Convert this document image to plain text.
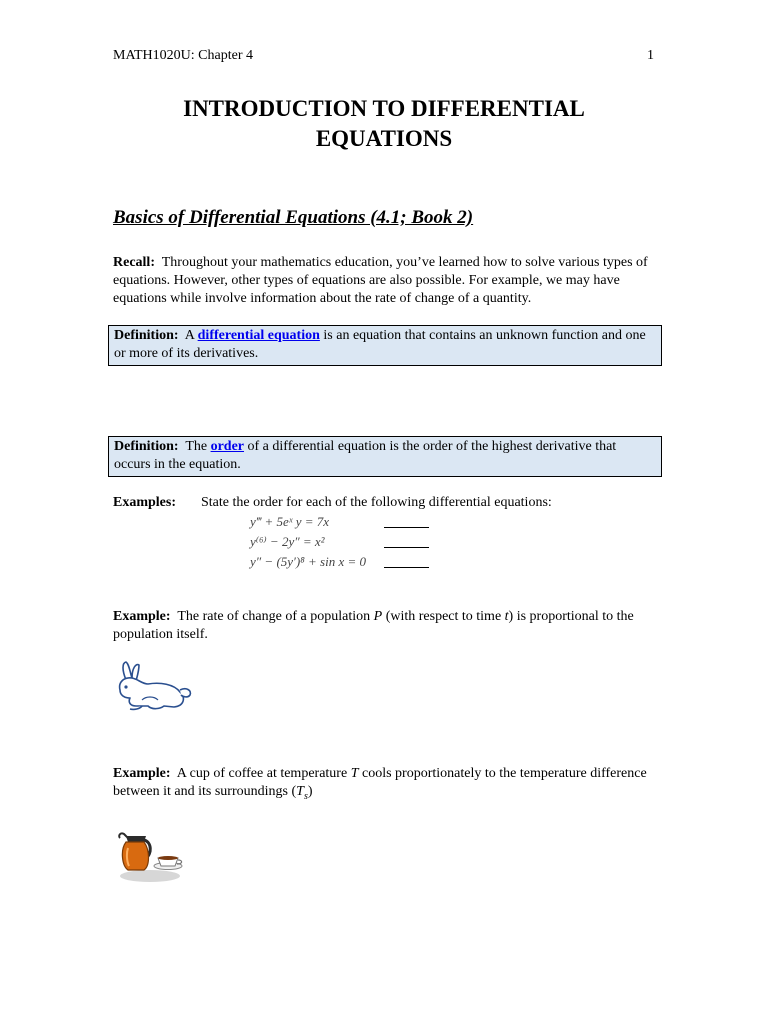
MATH1020U: Chapter 4	1
INTRODUCTION TO DIFFERENTIAL
EQUATIONS
Basics of Differential Equations (4.1; Book 2)
Recall: Throughout your mathematics education, you’ve learned how to solve various types of equations. However, other types of equations are also possible. For example, we may have equations while involve information about the rate of change of a quantity.
Definition: A differential equation is an equation that contains an unknown function and one or more of its derivatives.
Definition: The order of a differential equation is the order of the highest derivative that occurs in the equation.
Examples: State the order for each of the following differential equations:
y‴ + 5eˣ y = 7x
y⁽⁶⁾ − 2y″ = x²
y″ − (5y′)⁸ + sin x = 0
Example: The rate of change of a population P (with respect to time t) is proportional to the population itself.
Example: A cup of coffee at temperature T cools proportionately to the temperature difference between it and its surroundings $(T_s)$
